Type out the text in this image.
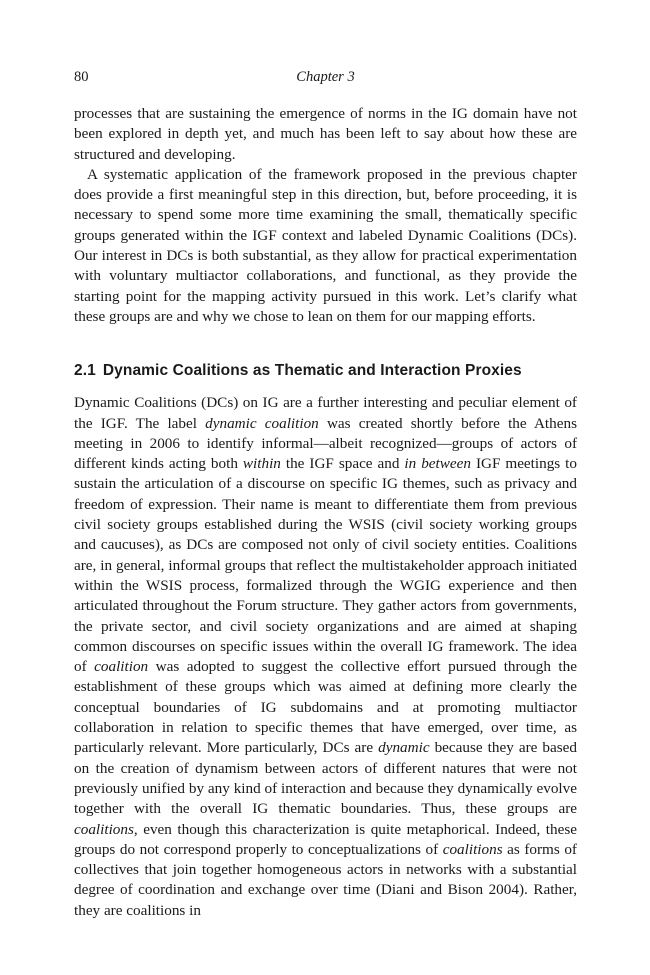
80	Chapter 3

processes that are sustaining the emergence of norms in the IG domain have not been explored in depth yet, and much has been left to say about how these are structured and developing.

A systematic application of the framework proposed in the previous chapter does provide a first meaningful step in this direction, but, before proceeding, it is necessary to spend some more time examining the small, thematically specific groups generated within the IGF context and labeled Dynamic Coalitions (DCs). Our interest in DCs is both substantial, as they allow for practical experimentation with voluntary multiactor collaborations, and functional, as they provide the starting point for the mapping activity pursued in this work. Let’s clarify what these groups are and why we chose to lean on them for our mapping efforts.

2.1 Dynamic Coalitions as Thematic and Interaction Proxies

Dynamic Coalitions (DCs) on IG are a further interesting and peculiar element of the IGF. The label dynamic coalition was created shortly before the Athens meeting in 2006 to identify informal—albeit recognized—groups of actors of different kinds acting both within the IGF space and in between IGF meetings to sustain the articulation of a discourse on specific IG themes, such as privacy and freedom of expression. Their name is meant to differentiate them from previous civil society groups established during the WSIS (civil society working groups and caucuses), as DCs are composed not only of civil society entities. Coalitions are, in general, informal groups that reflect the multistakeholder approach initiated within the WSIS process, formalized through the WGIG experience and then articulated throughout the Forum structure. They gather actors from governments, the private sector, and civil society organizations and are aimed at shaping common discourses on specific issues within the overall IG framework. The idea of coalition was adopted to suggest the collective effort pursued through the establishment of these groups which was aimed at defining more clearly the conceptual boundaries of IG subdomains and at promoting multiactor collaboration in relation to specific themes that have emerged, over time, as particularly relevant. More particularly, DCs are dynamic because they are based on the creation of dynamism between actors of different natures that were not previously unified by any kind of interaction and because they dynamically evolve together with the overall IG thematic boundaries. Thus, these groups are coalitions, even though this characterization is quite metaphorical. Indeed, these groups do not correspond properly to conceptualizations of coalitions as forms of collectives that join together homogeneous actors in networks with a substantial degree of coordination and exchange over time (Diani and Bison 2004). Rather, they are coalitions in
